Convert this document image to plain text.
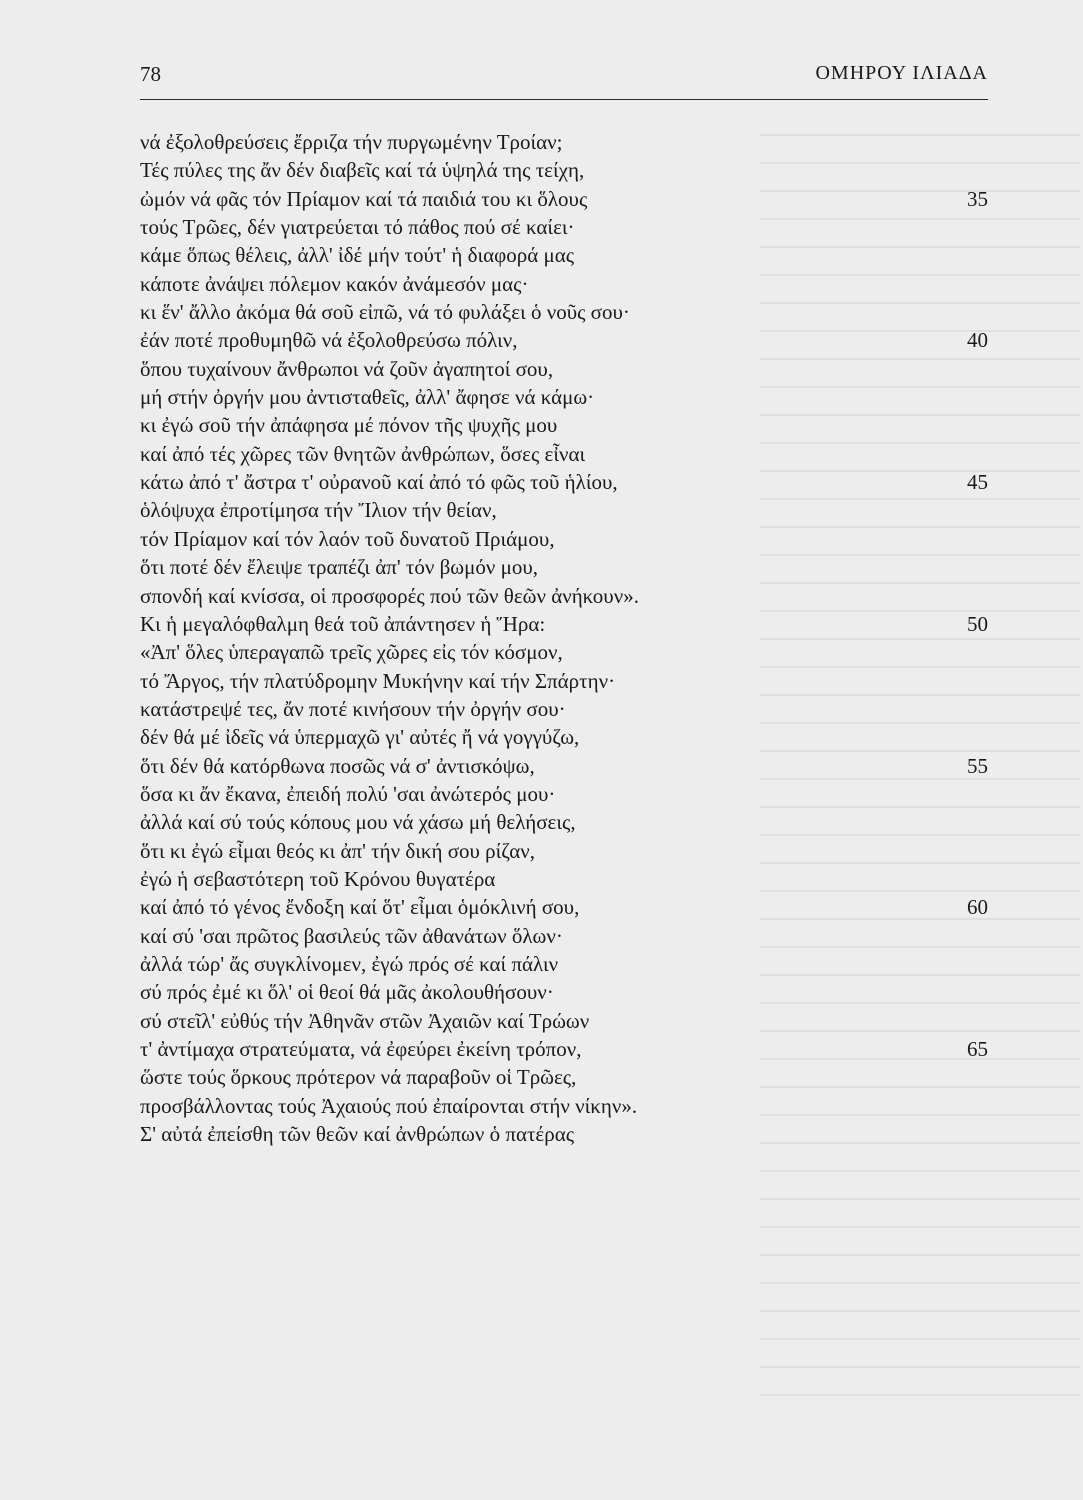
78	ΟΜΗΡΟΥ ΙΛΙΑΔΑ
νά ἐξολοθρεύσεις ἔρριζα τήν πυργωμένην Τροίαν;
Τές πύλες της ἄν δέν διαβεῖς καί τά ὑψηλά της τείχη,
ὠμόν νά φᾶς τόν Πρίαμον καί τά παιδιά του κι ὅλους	35
τούς Τρῶες, δέν γιατρεύεται τό πάθος πού σέ καίει·
κάμε ὅπως θέλεις, ἀλλ' ἰδέ μήν τούτ' ἡ διαφορά μας
κάποτε ἀνάψει πόλεμον κακόν ἀνάμεσόν μας·
κι ἕν' ἄλλο ἀκόμα θά σοῦ εἰπῶ, νά τό φυλάξει ὁ νοῦς σου·
ἐάν ποτέ προθυμηθῶ νά ἐξολοθρεύσω πόλιν,	40
ὅπου τυχαίνουν ἄνθρωποι νά ζοῦν ἀγαπητοί σου,
μή στήν ὀργήν μου ἀντισταθεῖς, ἀλλ' ἄφησε νά κάμω·
κι ἐγώ σοῦ τήν ἀπάφησα μέ πόνον τῆς ψυχῆς μου
καί ἀπό τές χῶρες τῶν θνητῶν ἀνθρώπων, ὅσες εἶναι
κάτω ἀπό τ' ἄστρα τ' οὐρανοῦ καί ἀπό τό φῶς τοῦ ἡλίου,	45
ὁλόψυχα ἐπροτίμησα τήν Ἴλιον τήν θείαν,
τόν Πρίαμον καί τόν λαόν τοῦ δυνατοῦ Πριάμου,
ὅτι ποτέ δέν ἔλειψε τραπέζι ἀπ' τόν βωμόν μου,
σπονδή καί κνίσσα, οἱ προσφορές πού τῶν θεῶν ἀνήκουν».
Κι ἡ μεγαλόφθαλμη θεά τοῦ ἀπάντησεν ἡ Ἥρα:	50
«Ἀπ' ὅλες ὑπεραγαπῶ τρεῖς χῶρες εἰς τόν κόσμον,
τό Ἄργος, τήν πλατύδρομην Μυκήνην καί τήν Σπάρτην·
κατάστρεψέ τες, ἄν ποτέ κινήσουν τήν ὀργήν σου·
δέν θά μέ ἰδεῖς νά ὑπερμαχῶ γι' αὐτές ἤ νά γογγύζω,
ὅτι δέν θά κατόρθωνα ποσῶς νά σ' ἀντισκόψω,	55
ὅσα κι ἄν ἔκανα, ἐπειδή πολύ 'σαι ἀνώτερός μου·
ἀλλά καί σύ τούς κόπους μου νά χάσω μή θελήσεις,
ὅτι κι ἐγώ εἶμαι θεός κι ἀπ' τήν δική σου ρίζαν,
ἐγώ ἡ σεβαστότερη τοῦ Κρόνου θυγατέρα
καί ἀπό τό γένος ἔνδοξη καί ὅτ' εἶμαι ὁμόκλινή σου,	60
καί σύ 'σαι πρῶτος βασιλεύς τῶν ἀθανάτων ὅλων·
ἀλλά τώρ' ἄς συγκλίνομεν, ἐγώ πρός σέ καί πάλιν
σύ πρός ἐμέ κι ὅλ' οἱ θεοί θά μᾶς ἀκολουθήσουν·
σύ στεῖλ' εὐθύς τήν Ἀθηνᾶν στῶν Ἀχαιῶν καί Τρώων
τ' ἀντίμαχα στρατεύματα, νά ἐφεύρει ἐκείνη τρόπον,	65
ὥστε τούς ὅρκους πρότερον νά παραβοῦν οἱ Τρῶες,
προσβάλλοντας τούς Ἀχαιούς πού ἐπαίρονται στήν νίκην».
Σ' αὐτά ἐπείσθη τῶν θεῶν καί ἀνθρώπων ὁ πατέρας
